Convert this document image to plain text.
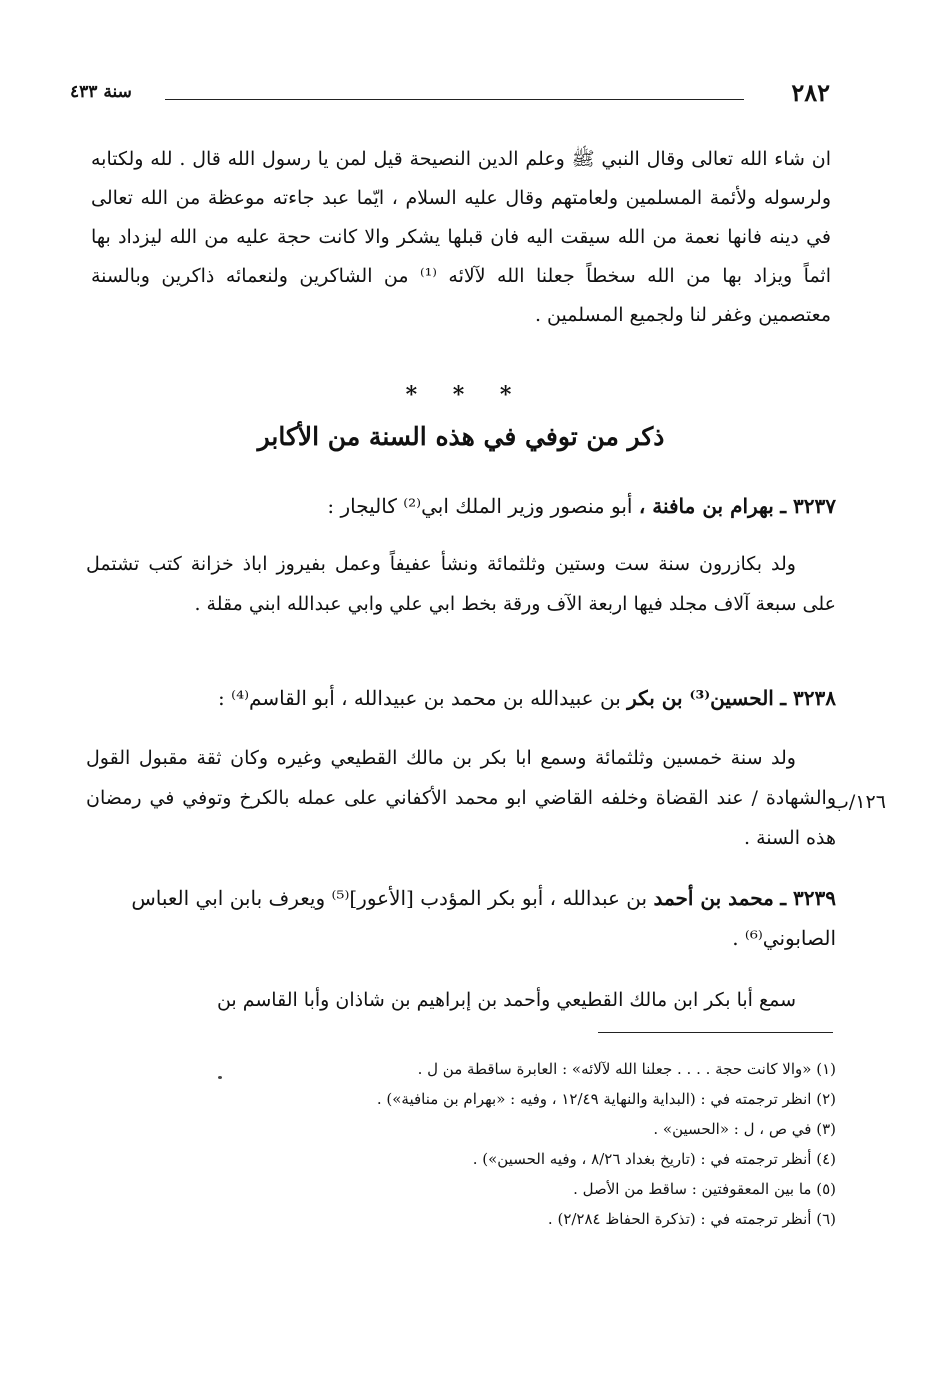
٢٨٢
سنة ٤٣٣

ان شاء الله تعالى وقال النبي ﷺ وعلم الدين النصيحة قيل لمن يا رسول الله قال . لله ولكتابه ولرسوله ولأئمة المسلمين ولعامتهم وقال عليه السلام ، ايّما عبد جاءته موعظة من الله تعالى في دينه فانها نعمة من الله سيقت اليه فان قبلها يشكر والا كانت حجة عليه من الله ليزداد بها اثماً ويزاد بها من الله سخطاً جعلنا الله لآلائه ⁽¹⁾ من الشاكرين ولنعمائه ذاكرين وبالسنة معتصمين وغفر لنا ولجميع المسلمين .

* * *
ذكر من توفي في هذه السنة من الأكابر
٣٢٣٧ ـ بهرام بن مافنة ، أبو منصور وزير الملك ابي⁽²⁾ كاليجار :
ولد بكازرون سنة ست وستين وثلثمائة ونشأ عفيفاً وعمل بفيروز اباذ خزانة كتب تشتمل على سبعة آلاف مجلد فيها اربعة الآف ورقة بخط ابي علي وابي عبدالله ابني مقلة .
٣٢٣٨ ـ الحسين⁽³⁾ بن بكر بن عبيدالله بن محمد بن عبيدالله ، أبو القاسم⁽⁴⁾ :
ولد سنة خمسين وثلثمائة وسمع ابا بكر بن مالك القطيعي وغيره وكان ثقة مقبول القول والشهادة / عند القضاة وخلفه القاضي ابو محمد الأكفاني على عمله بالكرخ وتوفي في رمضان هذه السنة .
١٢٦/ب
٣٢٣٩ ـ محمد بن أحمد بن عبدالله ، أبو بكر المؤدب [الأعور]⁽⁵⁾ ويعرف بابن ابي العباس الصابوني⁽⁶⁾ .
سمع أبا بكر ابن مالك القطيعي وأحمد بن إبراهيم بن شاذان وأبا القاسم بن
(١) «والا كانت حجة . . . . جعلنا الله لآلائه» : العابرة ساقطة من ل .
(٢) انظر ترجمته في : (البداية والنهاية ١٢/٤٩ ، وفيه : «بهرام بن منافية») .
(٣) في ص ، ل : «الحسين» .
(٤) أنظر ترجمته في : (تاريخ بغداد ٨/٢٦ ، وفيه الحسين») .
(٥) ما بين المعقوفتين : ساقط من الأصل .
(٦) أنظر ترجمته في : (تذكرة الحفاظ ٢/٢٨٤) .
